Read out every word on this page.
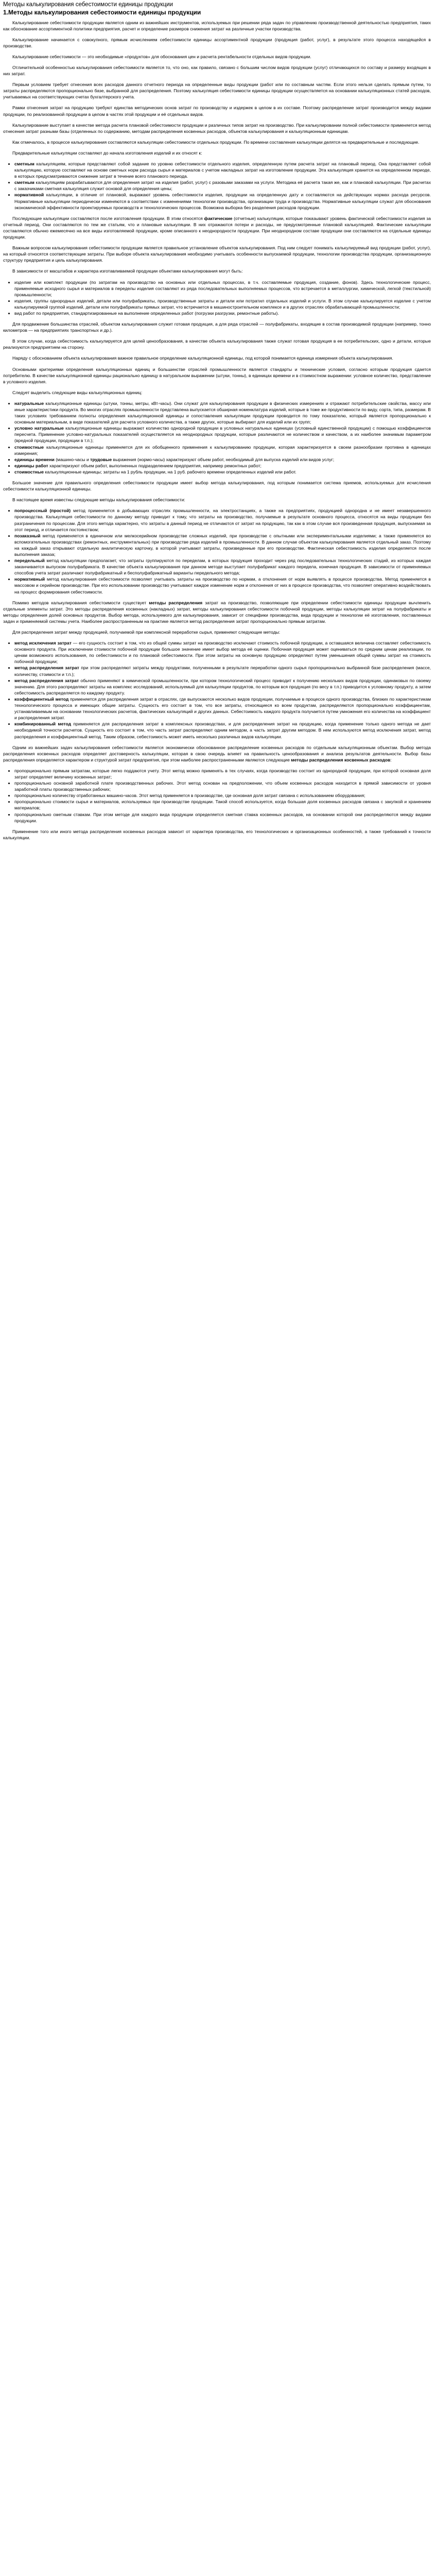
Методы калькулирования себестоимости единицы продукции
1.Методы калькулирования себестоимости единицы продукции

Калькулирование себестоимости продукции является одним из важнейших инструментов, используемых при решении ряда задач по управлению производственной деятельностью предприятия, таких как обоснование ассортиментной политики предприятия, расчет и определение размеров снижения затрат на различные участки производства.

Калькулирование начинается с совокупного, прямым исчислением себестоимости единицы ассортиментной продукции (продукция (работ, услуг), в результате этого процесса находящейся в производстве.

Калькулирование себестоимости — это необходимые «продуктов» для обоснования цен и расчета рентабельности отдельных видов продукции.

Отличительной особенностью калькулирования себестоимости является то, что оно, как правило, связано с большим числом видов продукции (услуг) отличающихся по составу и размеру входящих в них затрат.

Первым условием требует отнесения всех расходов данного отчетного периода на определенные виды продукции (работ или по составным частям. Если этого нельзя сделать прямым путем, то затраты распределяются пропорционально базе, выбранной для распределения. Поэтому калькуляция себестоимости единицы продукции осуществляется на основании калькуляционных статей расходов, учитываемых на соответствующих счетах бухгалтерского учета.

Рамки отнесения затрат на продукцию требуют единства методических основ затрат по производству и издержек в целом в их составе. Поэтому распределение затрат производится между видами продукции, по реализованной продукции в целом в частях этой продукции и её отдельных видов.

Калькулирование выступает в качестве метода расчета плановой себестоимости продукции и различных типов затрат на производство. При калькулировании полной себестоимости применяется метод отнесения затрат разными базы (отделенных по содержанию, методам распределения косвенных расходов, объектов калькулирования и калькуляционным единицам.

Как отмечалось, в процессе калькулирования составляются калькуляции себестоимости отдельных продукции. По времени составления калькуляции делятся на предварительные и последующие.

Предварительные калькуляции составляют до начала изготовления изделий и их относят к:

• сметным калькуляциям, которые представляют собой задание по уровню себестоимости отдельного изделия, определенную путем расчета затрат на плановый период. Она представляет собой калькуляцию, которую составляют на основе сметных норм расхода сырья и материалов с учетом накладных затрат на изготовление продукции. Эта калькуляция хранится на определенном периоде, в которых предусматриваются снижение затрат в течение всего планового периода.
• сметным калькуляциям разрабатываются для определения затрат на изделия (работ, услуг) с разовыми заказами на услуги. Методика её расчета такая же, как и плановой калькуляции. При расчетах с заказчиками сметная калькуляция служит основой для определения цены;
• нормативной калькуляции, в отличие от плановой, выражают уровень себестоимости изделия, продукции на определенную дату и составляются на действующих нормах расхода ресурсов. Нормативные калькуляции периодически изменяются в соответствии с изменениями технологии производства, организации труда и производства. Нормативные калькуляции служат для обоснования экономической эффективности проектируемых производств и технологических процессов. Возможна выборка без разделения расходов продукции.

Последующие калькуляции составляются после изготовления продукции. В этим относятся фактические (отчетные) калькуляции, которые показывают уровень фактической себестоимости изделия за отчетный период. Они составляются по тем же статьям, что и плановые калькуляции. В них отражаются потери и расходы, не предусмотренные плановой калькуляцией. Фактические калькуляции составляются обычно ежемесячно на все виды изготовляемой продукции, кроме описанного к неоднородности продукции. При неоднородном составе продукции они составляются на отдельные единицы продукции.

Важным вопросом калькулирования себестоимости продукции является правильное установление объектов калькулирования. Под ним следует понимать калькулируемый вид продукции (работ, услуг), на который относятся соответствующие затраты. При выборе объекта калькулирования необходимо учитывать особенности выпускаемой продукции, технологии производства продукции, организационную структуру предприятия и цель калькулирования.

В зависимости от масштабов и характера изготавливаемой продукции объектами калькулирования могут быть:

• изделие или комплект продукции (по затратам на производство на основных или отдельных процессах, в т.ч. составляемые продукция, создание, фонов). Здесь технологические процесс, применяемые исходного сырья и материалов в переделы изделия составляют из ряда последовательных выполняемых процессов, что встречается в металлургии, химической, легкой (текстильной) промышленности;
• изделия, группы однородных изделий, детали или полуфабрикаты, производственные затраты и детали или потратил отдельных изделий и услуги. В этом случае калькулируется изделие с учетом калькулируемой группой изделий, детали или полуфабрикаты прямых затрат, что встречается в машиностроительном комплексе и в других отраслях обрабатывающей промышленности;
• вид работ по предприятия, стандартизированные на выполнение определенных работ (погрузки разгрузки, ремонтные работы).

Для продвижение большинства отраслей, объектом калькулирования служит готовая продукция, а для ряда отраслей — полуфабрикаты, входящие в состав производимой продукции (например, тонно километров — на предприятиях транспортных и др.).

В этом случае, когда себестоимость калькулируется для целей ценообразования, в качестве объекта калькулирования также служат готовая продукция в ее потребительских, одно и детали, которые реализуются предприятием на сторону.

Наряду с обоснованием объекта калькулирования важное правильное определение калькуляционной единицы, под которой понимается единица измерения объекта калькулирования.

Основными критериями определения калькуляционных единиц и большинстве отраслей промышленности является стандарты и технические условия, согласно которым продукция сдается потребителю. В качестве калькуляционной единицы рационально единицу в натуральном выражении (штуки, тонны), в единицах времени и в стоимостном выражении: условное количество, представление в условного изделия.

Следует выделить следующие виды калькуляционных единиц:

• натуральные калькуляционные единицы (штуки, тонны, метры, кВт-часы). Они служат для калькулирования продукции в физических измерениях и отражают потребительские свойства, массу или иные характеристики продукта. Во многих отраслях промышленности представлена выпускается обширная номенклатура изделий, которые в тоже же продуктивности по виду, сорта, типа, размерам. В таких условиях требованием полноты определения калькуляционной единицы и сопоставления калькуляции продукции проводится по тому показателю, который является пропорционально к основным материальным, в виде показателей для расчета условного количества, а также других, которые выбирают для изделий или их групп;
• условно натуральные калькуляционные единицы выражают количество однородной продукции в условных натуральных единицах (условный единственной продукции) с помощью коэффициентов пересчета. Применение условно-натуральных показателей осуществляется на неоднородных продукции, которые различаются не количеством и качеством, а их наиболее значимым параметром (вредной продукции, продукции в т.п.);
• стоимостные калькуляционные единицы применяется для их обобщенного применения к калькулированию продукции, которая характеризуется в своем разнообразии противна в единицах измерения;
• единицы времени (машино-часы и трудовые выражения (нормо-часы) характеризуют объем работ, необходимый для выпуска изделий или видов услуг;
• единицы работ характеризуют объем работ, выполненных подразделением предприятия, например ремонтных работ;
• стоимостные калькуляционные единицы; затраты на 1 рубль продукции, на 1 руб. рабочего времени определенных изделий или работ.

Большое значение для правильного определения себестоимости продукции имеет выбор метода калькулирования, под которым понимается система приемов, используемых для исчисления себестоимости калькуляционной единицы.

В настоящее время известны следующие методы калькулирования себестоимости:

• попроцессный (простой) метод применяется в добывающих отраслях промышленности, на электростанциях, а также на предприятиях, продукцией однородна и не имеет незавершенного производства. Калькуляция себестоимости по данному методу приводит к тому, что затраты на производство, получаемые в результате основного процесса, относятся на виды продукции без разграничения по процессам. Для этого метода характерно, что затраты в данный период не отличаются от затрат на продукцию, так как в этом случае вся произведенная продукция, выпускаемая за этот период, и отличается постоянством;
• позаказный метод применяется в единичном или мелкосерийном производстве сложных изделий, при производстве с опытными или экспериментальными изделиями; а также применяется во вспомогательных производствах (ремонтных, инструментальных) при производстве ряда изделий в промышленности. В данном случае объектом калькулирования является отдельный заказ. Поэтому на каждый заказ открывают отдельную аналитическую карточку, в которой учитывают затраты, произведенные при его производстве. Фактическая себестоимость изделия определяется после выполнения заказа;
• передельный метод калькуляции предполагает, что затраты группируются по переделам, в которых продукция проходит через ряд последовательных технологических стадий, из которых каждая заканчивается выпуском полуфабриката. В качестве объекта калькулирования при данном методе выступает полуфабрикат каждого передела, конечная продукция. В зависимости от применяемых способов учета затрат различают полуфабрикатный и бесполуфабрикатный варианты передельного метода;
• нормативный метод калькулирования себестоимости позволяет учитывать затраты на производство по нормам, а отклонения от норм выявлять в процессе производства. Метод применяется в массовом и серийном производстве. При его использовании производство учитывают каждое изменение норм и отклонения от них в процессе производства, что позволяет оперативно воздействовать на процесс формирования себестоимости.

Помимо методов калькулирования себестоимости существует методы распределения затрат на производство, позволяющие при определении себестоимости единицы продукции вычленить отдельные элементы затрат. Это методы распределения косвенных (накладных) затрат, методы калькулирования себестоимости побочной продукции, методы калькуляции затрат на полуфабрикаты и методы определения долей основных продуктов. Выбор метода, используемого для калькулирования, зависит от специфики производства, вида продукции и технологии её изготовления, поставленных задач и применяемой системы учета. Наиболее распространенным на практике является метод распределения затрат пропорционально прямым затратам.

Для распределения затрат между продукцией, получаемой при комплексной переработке сырья, применяют следующие методы:

• метод исключения затрат — его сущность состоит в том, что из общей суммы затрат на производство исключают стоимость побочной продукции, а оставшаяся величина составляет себестоимость основного продукта. При исключении стоимости побочной продукции большое значение имеет выбор метода её оценки. Побочная продукция может оцениваться по средним ценам реализации, по ценам возможного использования, по себестоимости и по плановой себестоимости. При этом затраты на основную продукцию определяют путем уменьшения общей суммы затрат на стоимость побочной продукции;
• метод распределения затрат при этом распределяют затраты между продуктами, полученными в результате переработки одного сырья пропорционально выбранной базе распределения (массе, количеству, стоимости и т.п.);
• метод распределения затрат обычно применяют в химической промышленности, при котором технологический процесс приводит к получению нескольких видов продукции, одинаковых по своему значению. Для этого распределяют затраты на комплекс исследований, используемый для калькуляции продуктов, по которым вся продукция (по весу в т.п.) приводится к условному продукту, а затем себестоимость распределяется по каждому продукту.
• коэффициентный метод применяется для распределения затрат в отраслях, где выпускаются несколько видов продукции, получаемые в процессе одного производства, близких по характеристикам технологического процесса и имеющих общие затраты. Сущность его состоит в том, что все затраты, относящиеся ко всем продуктам, распределяются пропорционально коэффициентам, устанавливаемым на основании технологических расчетов, фактических калькуляций и других данных. Себестоимость каждого продукта получается путем умножения его количества на коэффициент и распределения затрат.
• комбинированный метод применяется для распределения затрат в комплексных производствах, и для распределения затрат на продукцию, когда применение только одного метода не дает необходимой точности расчетов. Сущность его состоит в том, что часть затрат распределяют одним методом, а часть затрат другим методом. В нем используются метод исключения затрат, метод распределения и коэффициентный метод. Таким образом, себестоимость может иметь несколько различных видов калькуляции.

Одним из важнейших задач калькулирования себестоимости является экономически обоснованное распределение косвенных расходов по отдельным калькуляционным объектам. Выбор метода распределения косвенных расходов определяет достоверность калькуляции, которая в свою очередь влияет на правильность ценообразования и анализа результатов деятельности. Выбор базы распределения определяется характером и структурой затрат предприятия, при этом наиболее распространенными являются следующие методы распределения косвенных расходов:

• пропорционально прямым затратам, которые легко поддаются учету. Этот метод можно применять в тех случаях, когда производство состоит из однородной продукции, при которой основная доля затрат определяет величину косвенных затрат;
• пропорционально основной заработной плате производственных рабочих. Этот метод основан на предположении, что объем косвенных расходов находится в прямой зависимости от уровня заработной платы производственных рабочих;
• пропорционально количеству отработанных машино-часов. Этот метод применяется в производстве, где основная доля затрат связана с использованием оборудования;
• пропорционально стоимости сырья и материалов, используемых при производстве продукции. Такой способ используется, когда большая доля косвенных расходов связана с закупкой и хранением материалов;
• пропорционально сметным ставкам. При этом методе для каждого вида продукции определяется сметная ставка косвенных расходов, на основании которой они распределяются между видами продукции.

Применение того или иного метода распределения косвенных расходов зависит от характера производства, его технологических и организационных особенностей, а также требований к точности калькуляции.
